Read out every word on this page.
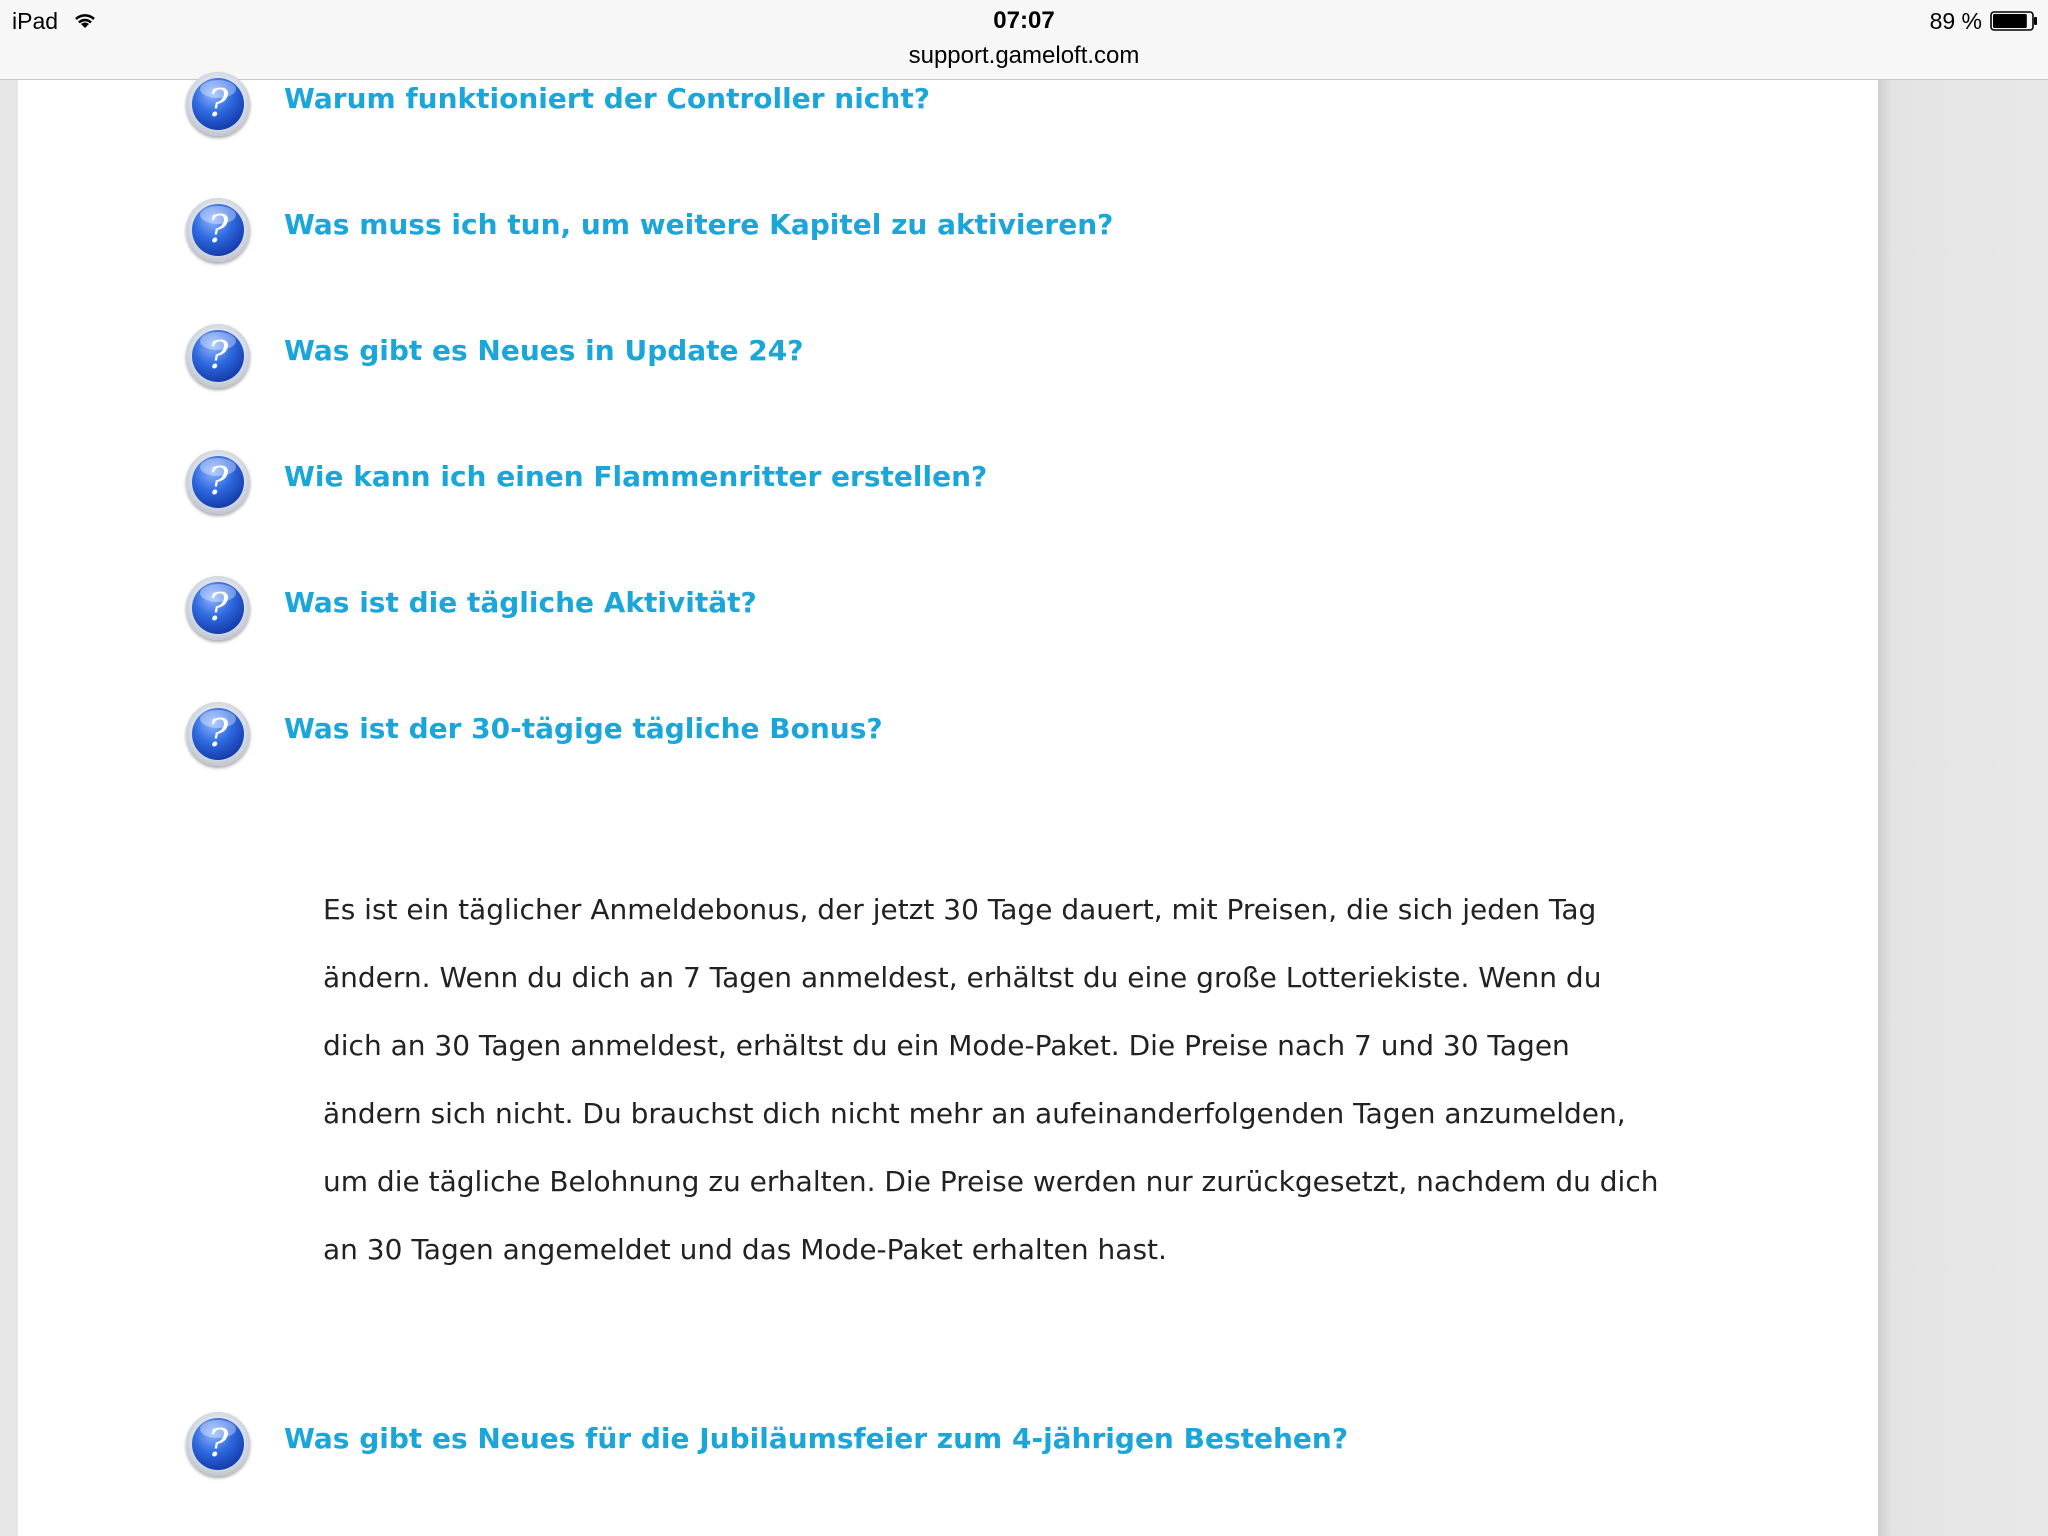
iPad	07:07
support.gameloft.com
89 %
?	Warum funktioniert der Controller nicht?
?	Was muss ich tun, um weitere Kapitel zu aktivieren?
?	Was gibt es Neues in Update 24?
?	Wie kann ich einen Flammenritter erstellen?
?	Was ist die tägliche Aktivität?
?	Was ist der 30-tägige tägliche Bonus?
Es ist ein täglicher Anmeldebonus, der jetzt 30 Tage dauert, mit Preisen, die sich jeden Tag ändern. Wenn du dich an 7 Tagen anmeldest, erhältst du eine große Lotteriekiste. Wenn du dich an 30 Tagen anmeldest, erhältst du ein Mode-Paket. Die Preise nach 7 und 30 Tagen ändern sich nicht. Du brauchst dich nicht mehr an aufeinanderfolgenden Tagen anzumelden, um die tägliche Belohnung zu erhalten. Die Preise werden nur zurückgesetzt, nachdem du dich an 30 Tagen angemeldet und das Mode-Paket erhalten hast.
?	Was gibt es Neues für die Jubiläumsfeier zum 4-jährigen Bestehen?
